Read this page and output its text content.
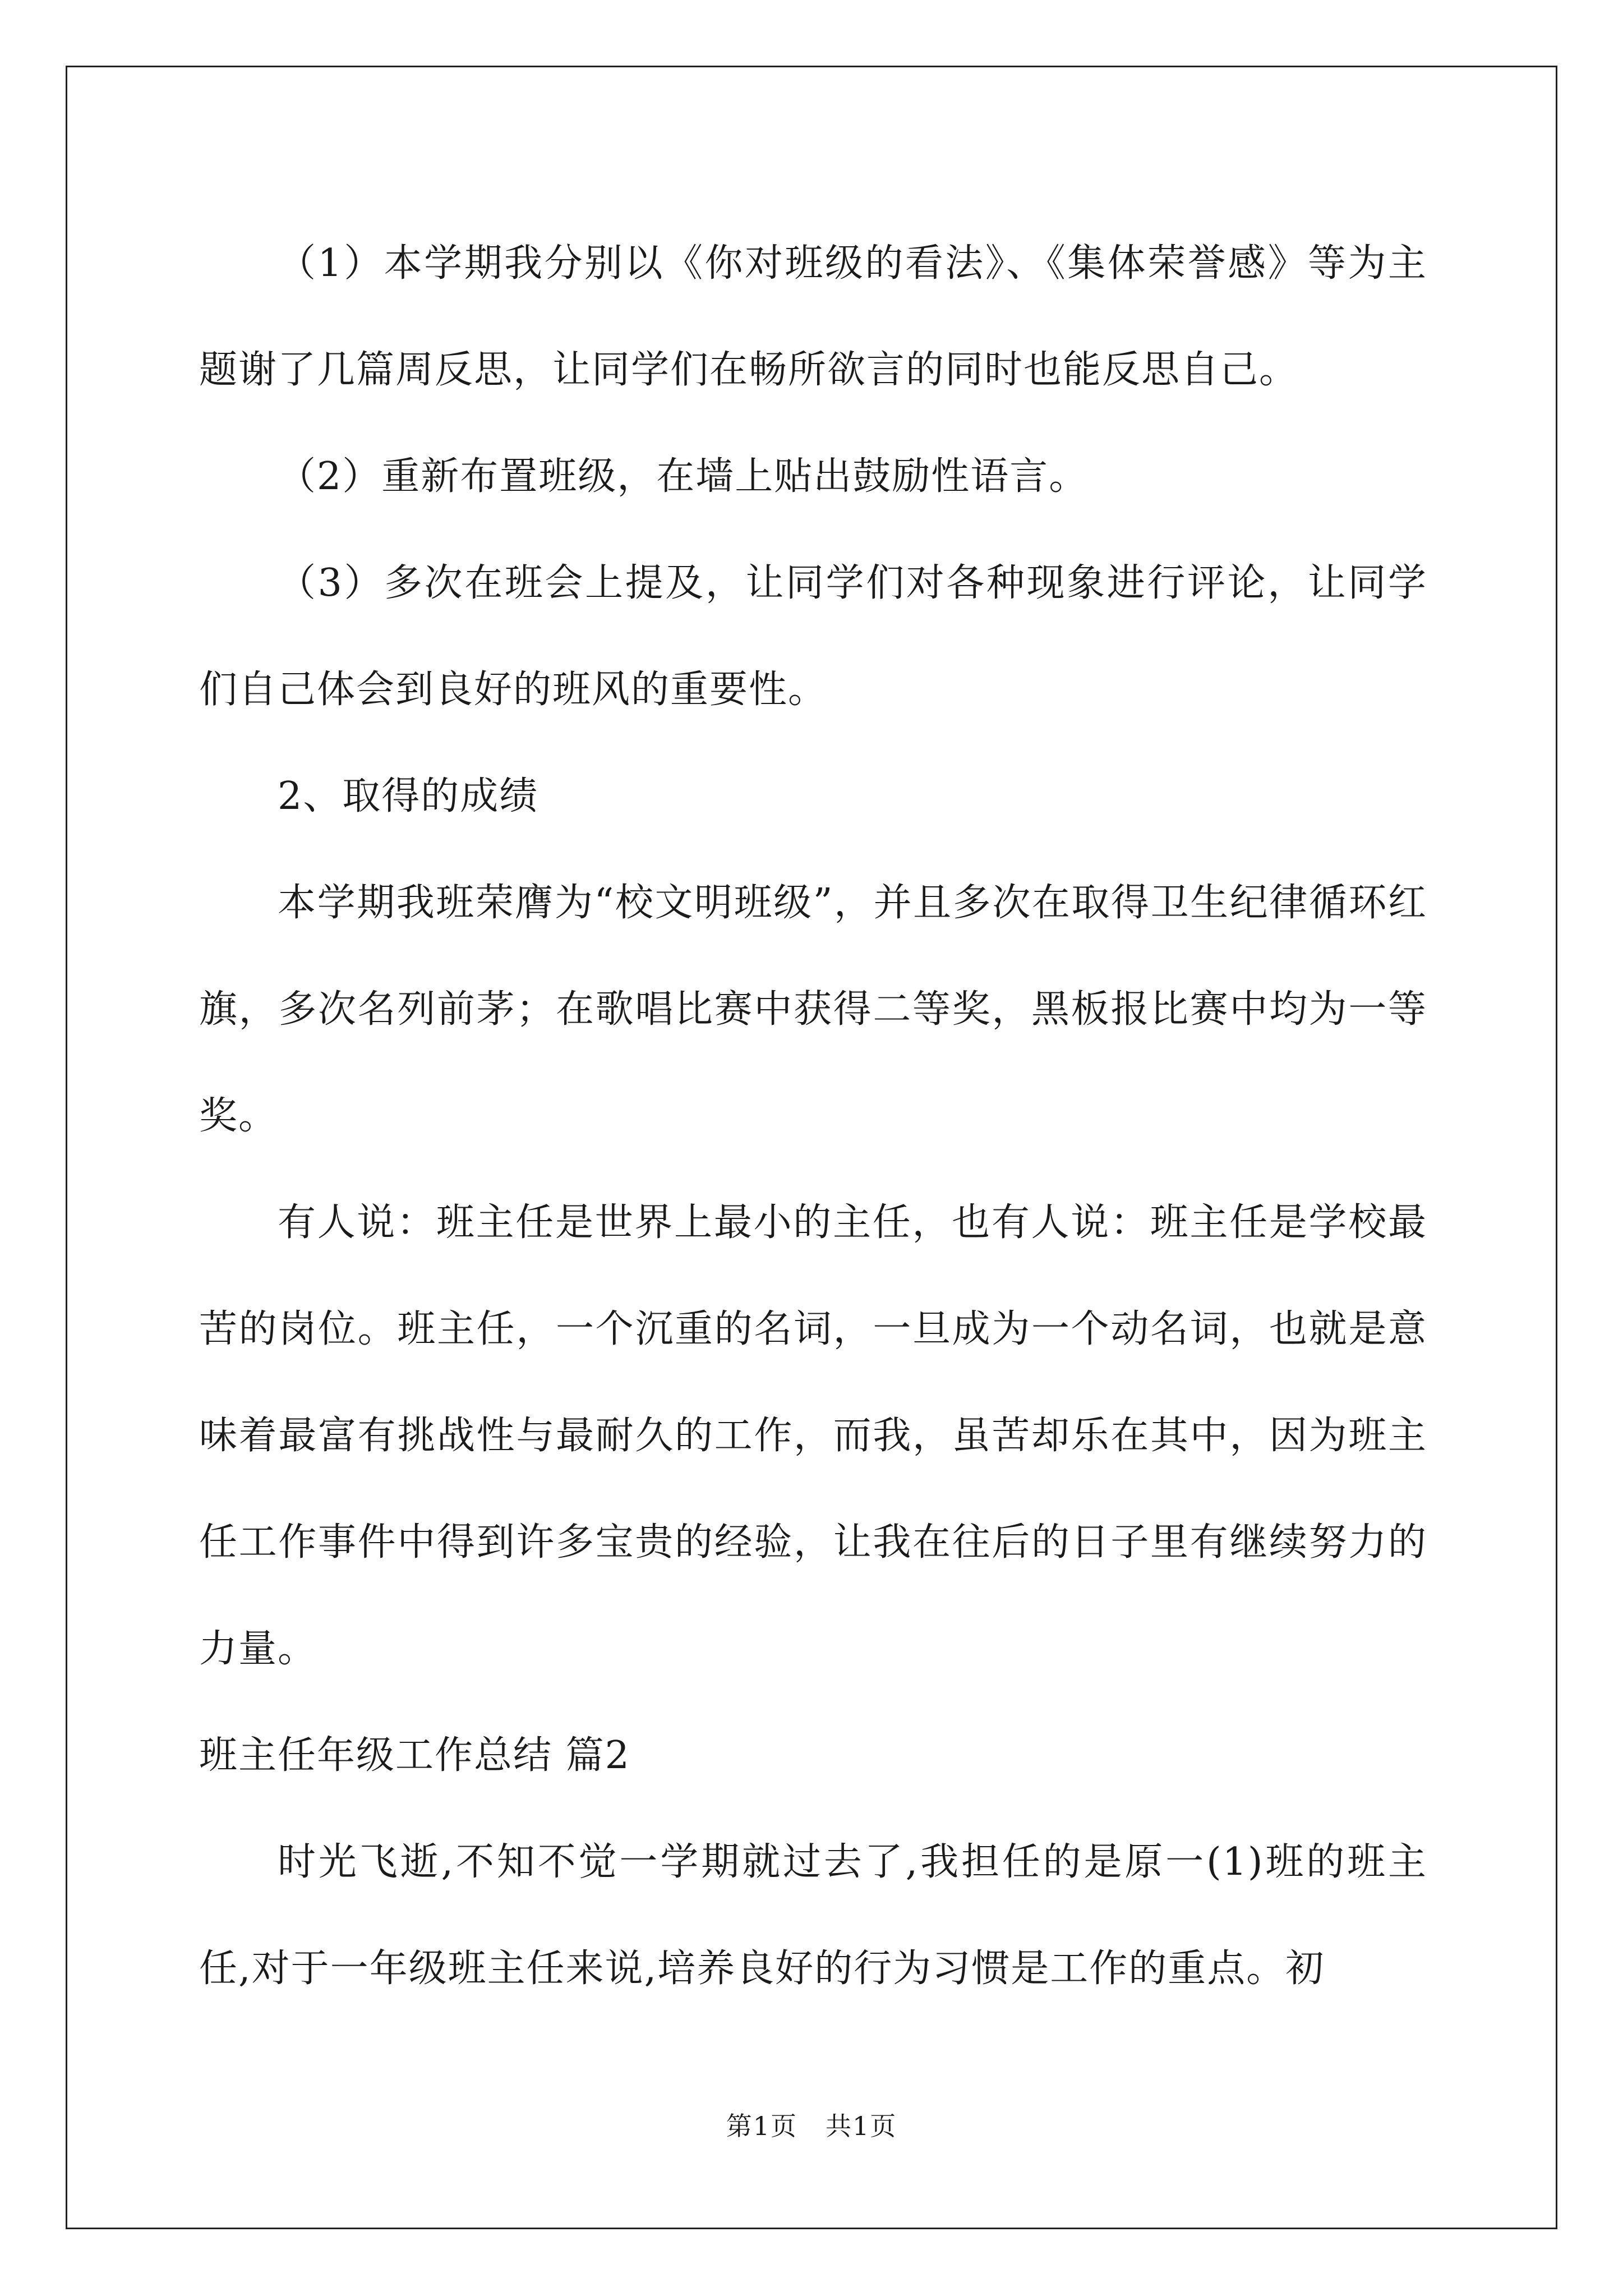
（1）本学期我分别以《你对班级的看法》、《集体荣誉感》等为主题谢了几篇周反思，让同学们在畅所欲言的同时也能反思自己。

（2）重新布置班级，在墙上贴出鼓励性语言。

（3）多次在班会上提及，让同学们对各种现象进行评论，让同学们自己体会到良好的班风的重要性。

2、取得的成绩

本学期我班荣膺为“校文明班级”，并且多次在取得卫生纪律循环红旗，多次名列前茅；在歌唱比赛中获得二等奖，黑板报比赛中均为一等奖。

有人说：班主任是世界上最小的主任，也有人说：班主任是学校最苦的岗位。班主任，一个沉重的名词，一旦成为一个动名词，也就是意味着最富有挑战性与最耐久的工作，而我，虽苦却乐在其中，因为班主任工作事件中得到许多宝贵的经验，让我在往后的日子里有继续努力的力量。

班主任年级工作总结 篇2

时光飞逝,不知不觉一学期就过去了,我担任的是原一(1)班的班主任,对于一年级班主任来说,培养良好的行为习惯是工作的重点。初

第1页 共1页
